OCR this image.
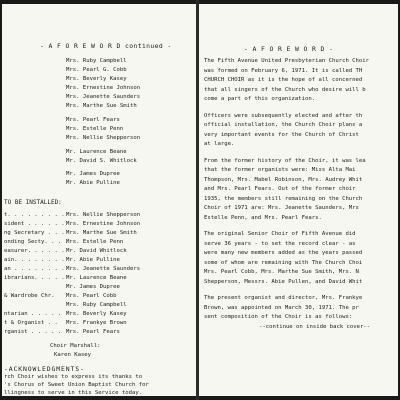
- A F O R E W O R D continued -
Mrs. Ruby Campbell
Mrs. Pearl G. Cobb
Mrs. Beverly Kasey
Mrs. Ernestine Johnson
Mrs. Jeanette Saunders
Mrs. Marthe Sue Smith
Mrs. Pearl Fears
Mrs. Estelle Penn
Mrs. Nellie Shepperson
Mr. Laurence Beane
Mr. David S. Whitlock
Mr. James Dupree
Mr. Abie Pulline
TO BE INSTALLED:
t. . . . . . . . . Mrs. Nellie Shepperson
sident . . . . . . Mrs. Ernestine Johnson
ng Secretary . . . Mrs. Marthe Sue Smith
onding Secty. . . .
Mrs. Estelle Penn
easurer. . . . . . Mr. David Whitlock
ain. . . . . . . . Mr. Abie Pulline
an . . . . . . . . Mrs. Jeanette Saunders
ibrarians. . . . . Mr. Laurence Beane
Mr. James Dupree
& Wardrobe Chr. Mrs. Pearl Cobb
Mrs. Ruby Campbell
ntarian . . . . . Mrs. Beverly Kasey
t & Organist . . Mrs. Frankye Brown
rganist . . . . . Mrs. Pearl Fears
Choir Marshall:
Karen Kasey
-ACKNOWLEDGMENTS-
rch Choir wishes to express its thanks to
's Chorus of Sweet Union Baptist Church for
llingness to serve in this Service today.
- A F O R E W O R D -
The Fifth Avenue United Presbyterian Church Choir
was formed on February 6, 1971. It is called TH
CHURCH CHOIR as it is the hope of all concerned
that all singers of the Church who desire will b
come a part of this organization.
Officers were subsequently elected and after th
official installation, the Church Choir plans a
very important events for the Church of Christ
at large.
From the former history of the Choir, it was lea
that the former organists were: Miss Alta Mai
Thompson, Mrs. Mabel Robinson, Mrs. Audrey Whit
and Mrs. Pearl Fears. Out of the former choir
1935, the members still remaining on the Church
Choir of 1971 are: Mrs. Jeanette Saunders, Mrs
Estelle Penn, and Mrs. Pearl Fears.
The original Senior Choir of Fifth Avenue did
serve 36 years - to set the record clear - as
were many new members added as the years passed
some of whom are remaining with The Church Choi
Mrs. Pearl Cobb, Mrs. Marthe Sue Smith, Mrs. N
Shepperson, Messrs. Abie Pullen, and David Whit
The present organist and director, Mrs. Frankye
Brown, was appointed on March 30, 1971. The pr
sent composition of the Choir is as follows:
--continue on inside back cover--
